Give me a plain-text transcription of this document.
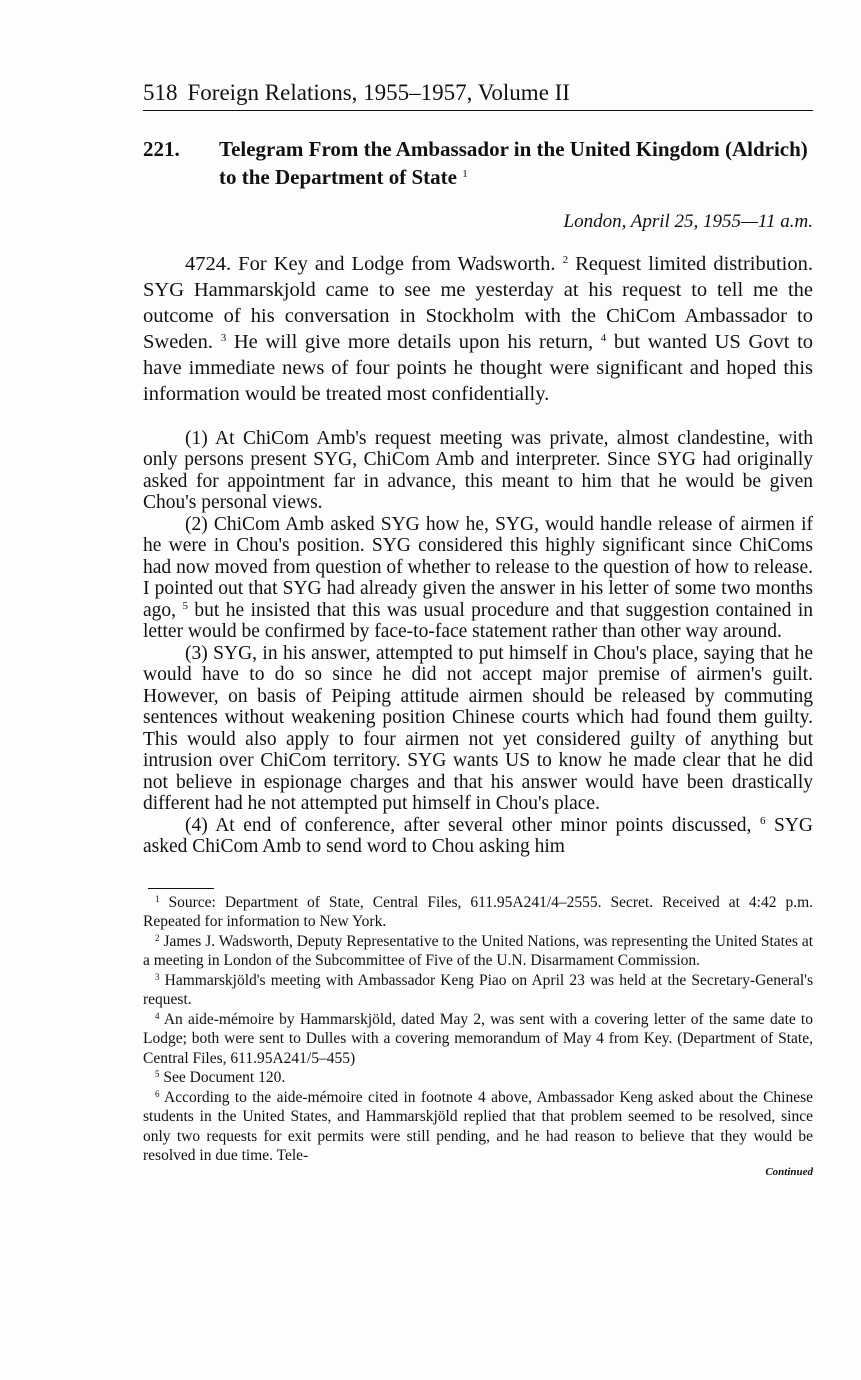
518 Foreign Relations, 1955–1957, Volume II
221.	Telegram From the Ambassador in the United Kingdom (Aldrich) to the Department of State $^1$
London, April 25, 1955—11 a.m.

4724. For Key and Lodge from Wadsworth. $^2$ Request limited distribution. SYG Hammarskjold came to see me yesterday at his request to tell me the outcome of his conversation in Stockholm with the ChiCom Ambassador to Sweden. $^3$ He will give more details upon his return, $^4$ but wanted US Govt to have immediate news of four points he thought were significant and hoped this information would be treated most confidentially.

(1) At ChiCom Amb's request meeting was private, almost clandestine, with only persons present SYG, ChiCom Amb and interpreter. Since SYG had originally asked for appointment far in advance, this meant to him that he would be given Chou's personal views.

(2) ChiCom Amb asked SYG how he, SYG, would handle release of airmen if he were in Chou's position. SYG considered this highly significant since ChiComs had now moved from question of whether to release to the question of how to release. I pointed out that SYG had already given the answer in his letter of some two months ago, $^5$ but he insisted that this was usual procedure and that suggestion contained in letter would be confirmed by face-to-face statement rather than other way around.

(3) SYG, in his answer, attempted to put himself in Chou's place, saying that he would have to do so since he did not accept major premise of airmen's guilt. However, on basis of Peiping attitude airmen should be released by commuting sentences without weakening position Chinese courts which had found them guilty. This would also apply to four airmen not yet considered guilty of anything but intrusion over ChiCom territory. SYG wants US to know he made clear that he did not believe in espionage charges and that his answer would have been drastically different had he not attempted put himself in Chou's place.

(4) At end of conference, after several other minor points discussed, $^6$ SYG asked ChiCom Amb to send word to Chou asking him

$^1$ Source: Department of State, Central Files, 611.95A241/4–2555. Secret. Received at 4:42 p.m. Repeated for information to New York.

$^2$ James J. Wadsworth, Deputy Representative to the United Nations, was representing the United States at a meeting in London of the Subcommittee of Five of the U.N. Disarmament Commission.

$^3$ Hammarskjöld's meeting with Ambassador Keng Piao on April 23 was held at the Secretary-General's request.

$^4$ An aide-mémoire by Hammarskjöld, dated May 2, was sent with a covering letter of the same date to Lodge; both were sent to Dulles with a covering memorandum of May 4 from Key. (Department of State, Central Files, 611.95A241/5–455)

$^5$ See Document 120.

$^6$ According to the aide-mémoire cited in footnote 4 above, Ambassador Keng asked about the Chinese students in the United States, and Hammarskjöld replied that that problem seemed to be resolved, since only two requests for exit permits were still pending, and he had reason to believe that they would be resolved in due time. Tele-

Continued
